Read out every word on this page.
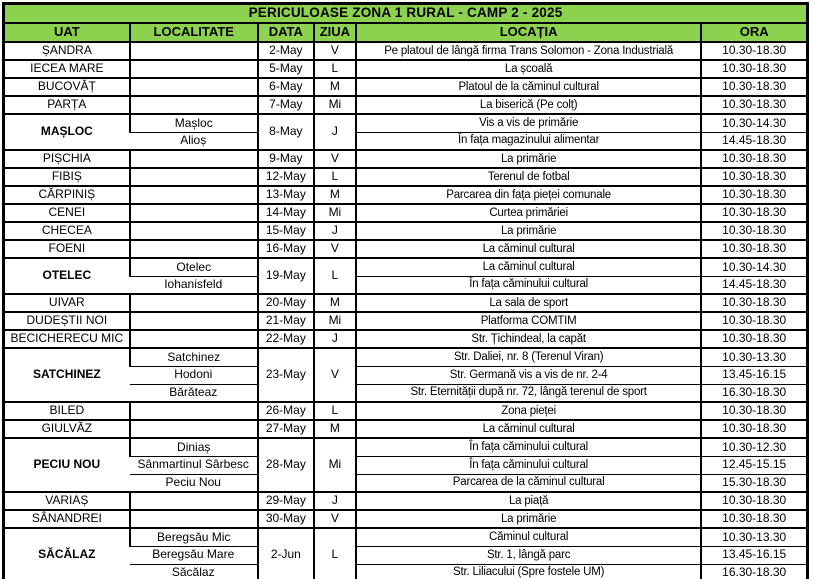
PERICULOASE ZONA 1 RURAL - CAMP 2 - 2025					
UAT	LOCALITATE	DATA	ZIUA	LOCAȚIA	ORA
ȘANDRA		2-May	V	Pe platoul de lângă firma Trans Solomon - Zona Industrială	10.30-18.30
IECEA MARE		5-May	L	La școală	10.30-18.30
BUCOVĂȚ		6-May	M	Platoul de la căminul cultural	10.30-18.30
PARȚA		7-May	Mi	La biserică (Pe colț)	10.30-18.30
MAȘLOC	Mașloc	8-May	J	Vis a vis de primărie	10.30-14.30
	Alioș			În fața magazinului alimentar	14.45-18.30
PIȘCHIA		9-May	V	La primărie	10.30-18.30
FIBIȘ		12-May	L	Terenul de fotbal	10.30-18.30
CĂRPINIȘ		13-May	M	Parcarea din fața pieței comunale	10.30-18.30
CENEI		14-May	Mi	Curtea primăriei	10.30-18.30
CHECEA		15-May	J	La primărie	10.30-18.30
FOENI		16-May	V	La căminul cultural	10.30-18.30
OTELEC	Otelec	19-May	L	La căminul cultural	10.30-14.30
	Iohanisfeld			În fața căminului cultural	14.45-18.30
UIVAR		20-May	M	La sala de sport	10.30-18.30
DUDEȘTII NOI		21-May	Mi	Platforma COMTIM	10.30-18.30
BECICHERECU MIC		22-May	J	Str. Țichindeal, la capăt	10.30-18.30
SATCHINEZ	Satchinez	23-May	V	Str. Daliei, nr. 8 (Terenul Viran)	10.30-13.30
	Hodoni			Str. Germană vis a vis de nr. 2-4	13.45-16.15
	Bărăteaz			Str. Eternității după nr. 72, lângă terenul de sport	16.30-18.30
BILED		26-May	L	Zona pieței	10.30-18.30
GIULVĂZ		27-May	M	La căminul cultural	10.30-18.30
PECIU NOU	Diniaș	28-May	Mi	În fața căminului cultural	10.30-12.30
	Sânmartinul Sârbesc			În fața căminului cultural	12.45-15.15
	Peciu Nou			Parcarea de la căminul cultural	15.30-18.30
VARIAȘ		29-May	J	La piață	10.30-18.30
SÂNANDREI		30-May	V	La primărie	10.30-18.30
SĂCĂLAZ	Beregsău Mic	2-Jun	L	Căminul cultural	10.30-13.30
	Beregsău Mare			Str. 1, lângă parc	13.45-16.15
	Săcălaz			Str. Liliacului (Spre fostele UM)	16.30-18.30
